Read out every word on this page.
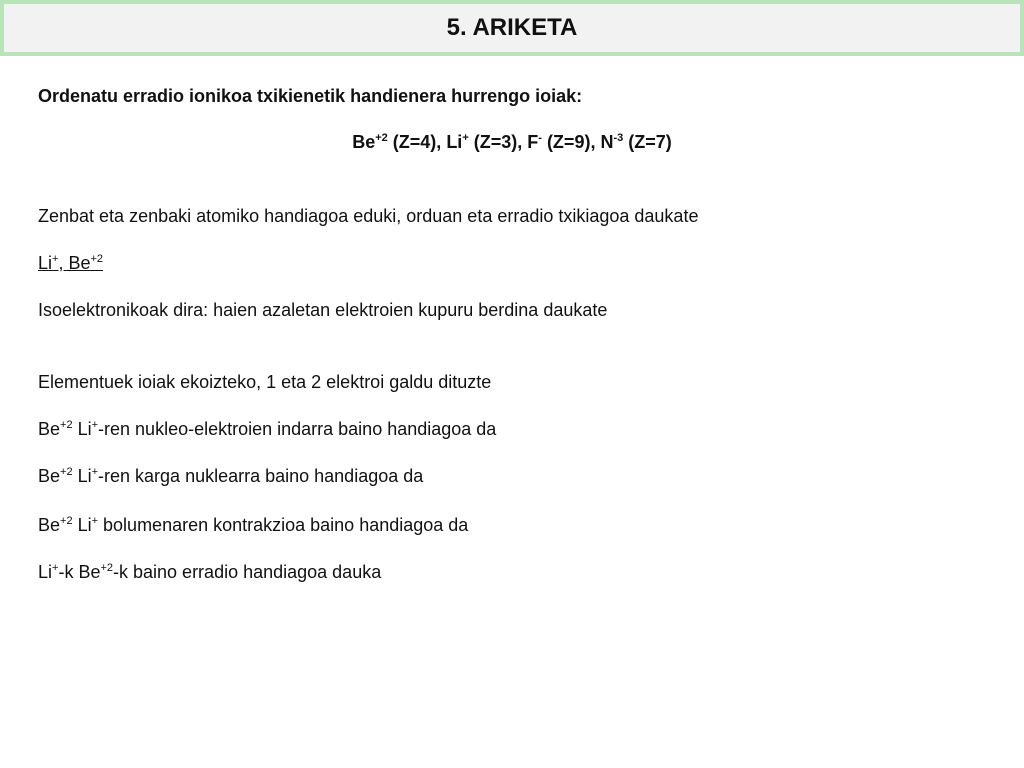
5. ARIKETA
Ordenatu erradio ionikoa txikienetik handienera hurrengo ioiak:
$Be^{+2}$ (Z=4), Li+ (Z=3), F- (Z=9), $N^{-3}$ (Z=7)
Zenbat eta zenbaki atomiko handiagoa eduki, orduan eta erradio txikiagoa daukate
Li+, $Be^{+2}$
Isoelektronikoak dira: haien azaletan elektroien kupuru berdina daukate
Elementuek ioiak ekoizteko, 1 eta 2 elektroi galdu dituzte
$Be^{+2}$ Li+-ren nukleo-elektroien indarra baino handiagoa da
$Be^{+2}$ Li+-ren karga nuklearra baino handiagoa da
$Be^{+2}$ Li+ bolumenaren kontrakzioa baino handiagoa da
Li+-k $Be^{+2}-k$ baino erradio handiagoa dauka
